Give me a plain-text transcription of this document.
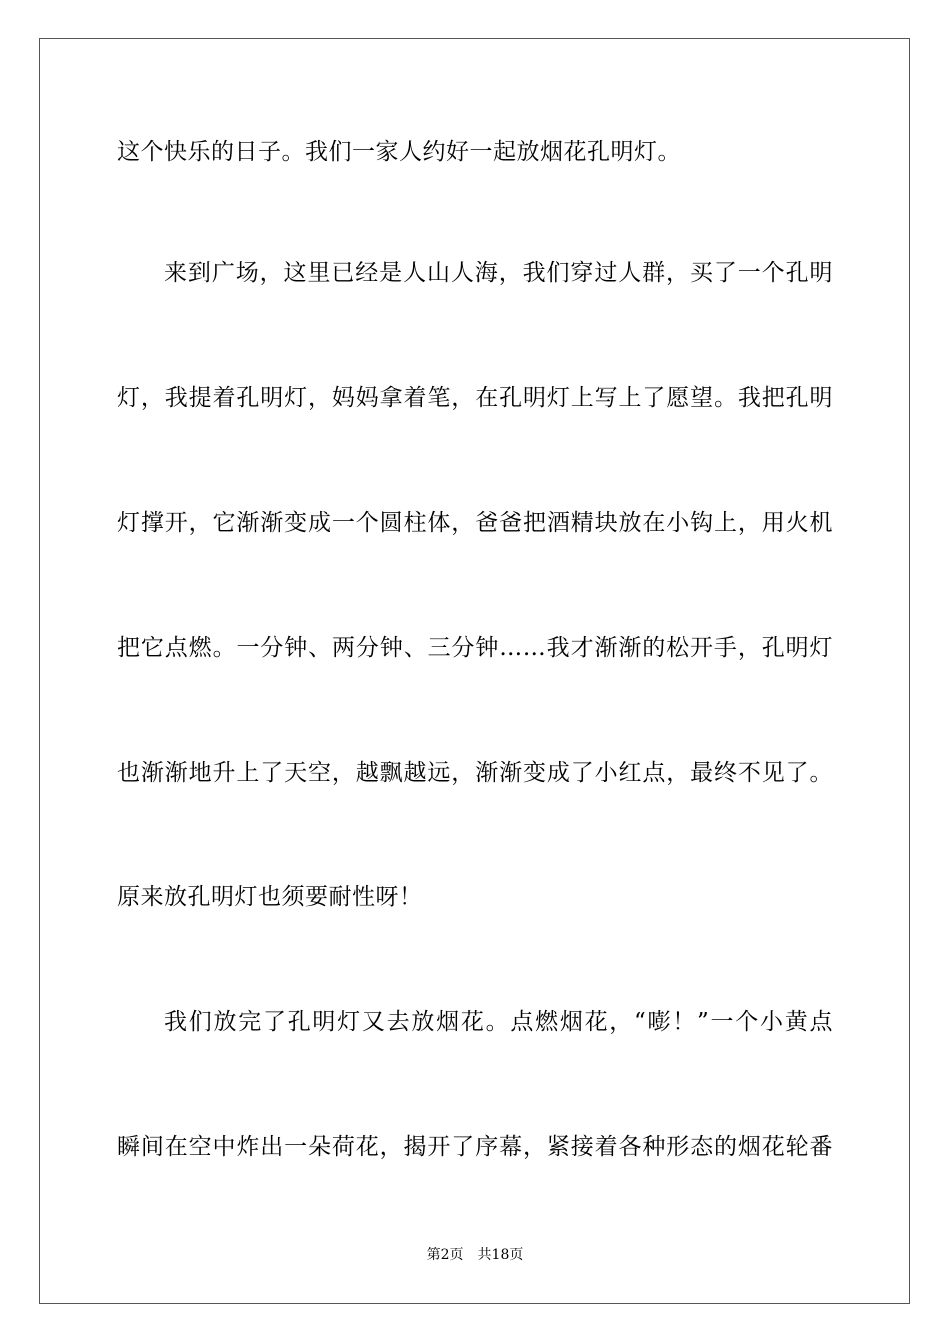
这个快乐的日子。我们一家人约好一起放烟花孔明灯。
来到广场，这里已经是人山人海，我们穿过人群，买了一个孔明
灯，我提着孔明灯，妈妈拿着笔，在孔明灯上写上了愿望。我把孔明
灯撑开，它渐渐变成一个圆柱体，爸爸把酒精块放在小钩上，用火机
把它点燃。一分钟、两分钟、三分钟……我才渐渐的松开手，孔明灯
也渐渐地升上了天空，越飘越远，渐渐变成了小红点，最终不见了。
原来放孔明灯也须要耐性呀！
我们放完了孔明灯又去放烟花。点燃烟花，“嘭！”一个小黄点
瞬间在空中炸出一朵荷花，揭开了序幕，紧接着各种形态的烟花轮番
第2页 共18页
